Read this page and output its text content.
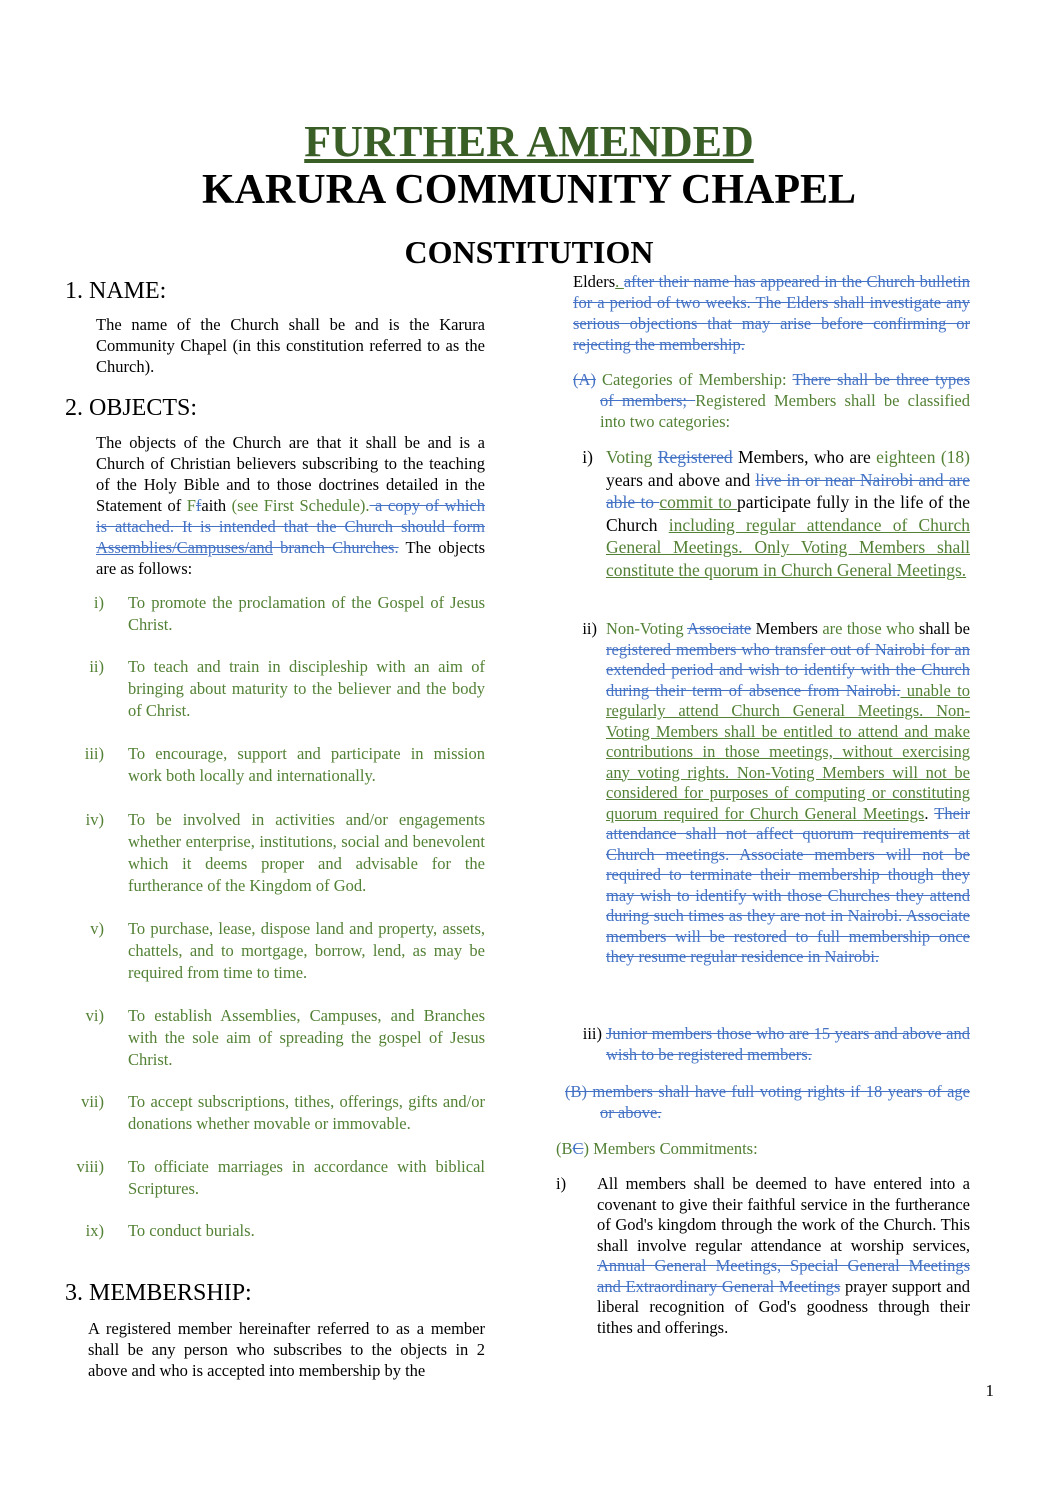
FURTHER AMENDED
KARURA COMMUNITY CHAPEL
CONSTITUTION
1. NAME:

The name of the Church shall be and is the Karura Community Chapel (in this constitution referred to as the Church).

2. OBJECTS:

The objects of the Church are that it shall be and is a Church of Christian believers subscribing to the teaching of the Holy Bible and to those doctrines detailed in the Statement of Ffaith (see First Schedule). a copy of which is attached. It is intended that the Church should form Assemblies/Campuses/and branch Churches. The objects are as follows:

i) To promote the proclamation of the Gospel of Jesus Christ.
ii) To teach and train in discipleship with an aim of bringing about maturity to the believer and the body of Christ.
iii) To encourage, support and participate in mission work both locally and internationally.
iv) To be involved in activities and/or engagements whether enterprise, institutions, social and benevolent which it deems proper and advisable for the furtherance of the Kingdom of God.
v) To purchase, lease, dispose land and property, assets, chattels, and to mortgage, borrow, lend, as may be required from time to time.
vi) To establish Assemblies, Campuses, and Branches with the sole aim of spreading the gospel of Jesus Christ.
vii) To accept subscriptions, tithes, offerings, gifts and/or donations whether movable or immovable.
viii) To officiate marriages in accordance with biblical Scriptures.
ix) To conduct burials.
3. MEMBERSHIP:

A registered member hereinafter referred to as a member shall be any person who subscribes to the objects in 2 above and who is accepted into membership by the

Elders. after their name has appeared in the Church bulletin for a period of two weeks. The Elders shall investigate any serious objections that may arise before confirming or rejecting the membership.

(A) Categories of Membership: There shall be three types of members; Registered Members shall be classified into two categories:

i) Voting Registered Members, who are eighteen (18) years and above and live in or near Nairobi and are able to commit to participate fully in the life of the Church including regular attendance of Church General Meetings. Only Voting Members shall constitute the quorum in Church General Meetings.
ii) Non-Voting Associate Members are those who shall be registered members who transfer out of Nairobi for an extended period and wish to identify with the Church during their term of absence from Nairobi. unable to regularly attend Church General Meetings. Non- Voting Members shall be entitled to attend and make contributions in those meetings, without exercising any voting rights. Non-Voting Members will not be considered for purposes of computing or constituting quorum required for Church General Meetings. Their attendance shall not affect quorum requirements at Church meetings. Associate members will not be required to terminate their membership though they may wish to identify with those Churches they attend during such times as they are not in Nairobi. Associate members will be restored to full membership once they resume regular residence in Nairobi.
iii) Junior members those who are 15 years and above and wish to be registered members.

(B) members shall have full voting rights if 18 years of age or above.

(BC) Members Commitments:

i) All members shall be deemed to have entered into a covenant to give their faithful service in the furtherance of God's kingdom through the work of the Church. This shall involve regular attendance at worship services, Annual General Meetings, Special General Meetings and Extraordinary General Meetings prayer support and liberal recognition of God's goodness through their tithes and offerings.
1
